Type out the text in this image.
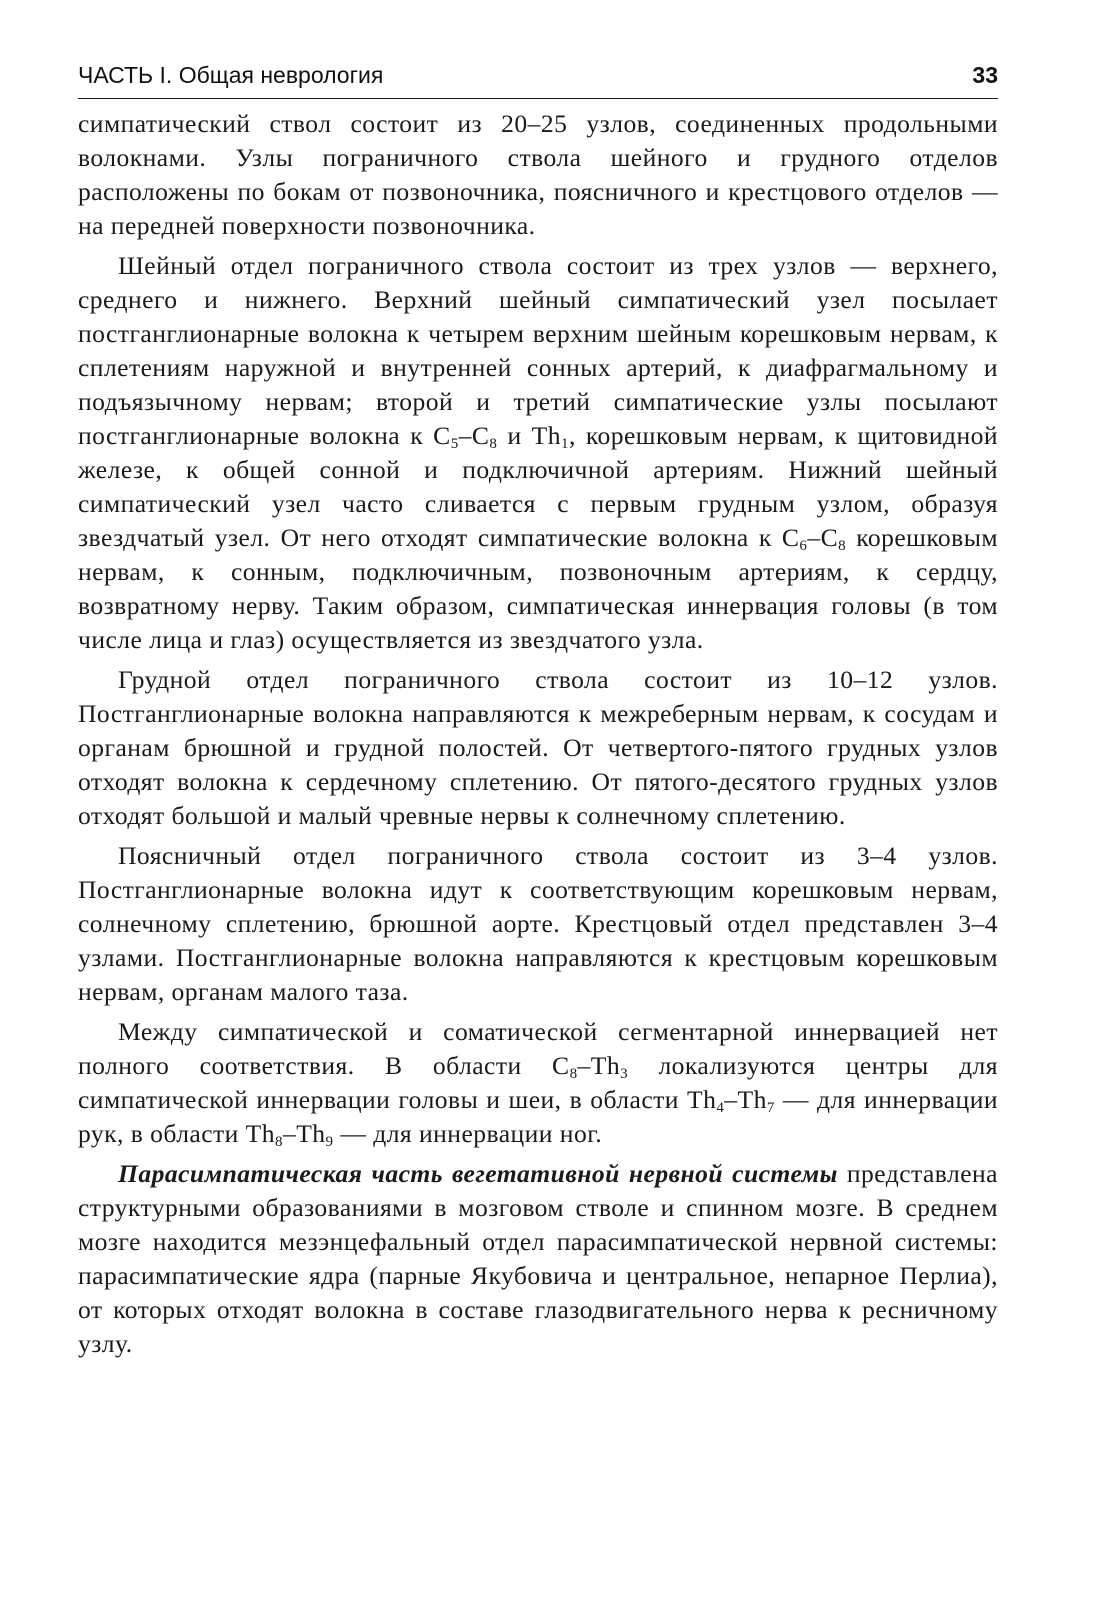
ЧАСТЬ I. Общая неврология	33

симпатический ствол состоит из 20–25 узлов, соединенных продольными волокнами. Узлы пограничного ствола шейного и грудного отделов расположены по бокам от позвоночника, поясничного и крестцового отделов — на передней поверхности позвоночника.

Шейный отдел пограничного ствола состоит из трех узлов — верхнего, среднего и нижнего. Верхний шейный симпатический узел посылает постганглионарные волокна к четырем верхним шейным корешковым нервам, к сплетениям наружной и внутренней сонных артерий, к диафрагмальному и подъязычному нервам; второй и третий симпатические узлы посылают постганглионарные волокна к $C_5-C_8$ и $Th_1$, корешковым нервам, к щитовидной железе, к общей сонной и подключичной артериям. Нижний шейный симпатический узел часто сливается с первым грудным узлом, образуя звездчатый узел. От него отходят симпатические волокна к $C_6-C_8$ корешковым нервам, к сонным, подключичным, позвоночным артериям, к сердцу, возвратному нерву. Таким образом, симпатическая иннервация головы (в том числе лица и глаз) осуществляется из звездчатого узла.

Грудной отдел пограничного ствола состоит из 10–12 узлов. Постганглионарные волокна направляются к межреберным нервам, к сосудам и органам брюшной и грудной полостей. От четвертого-пятого грудных узлов отходят волокна к сердечному сплетению. От пятого-десятого грудных узлов отходят большой и малый чревные нервы к солнечному сплетению.

Поясничный отдел пограничного ствола состоит из 3–4 узлов. Постганглионарные волокна идут к соответствующим корешковым нервам, солнечному сплетению, брюшной аорте. Крестцовый отдел представлен 3–4 узлами. Постганглионарные волокна направляются к крестцовым корешковым нервам, органам малого таза.

Между симпатической и соматической сегментарной иннервацией нет полного соответствия. В области $C_8-Th_3$ локализуются центры для симпатической иннервации головы и шеи, в области $Th_4-Th_7$ — для иннервации рук, в области $Th_8-Th_9$ — для иннервации ног.

Парасимпатическая часть вегетативной нервной системы представлена структурными образованиями в мозговом стволе и спинном мозге. В среднем мозге находится мезэнцефальный отдел парасимпатической нервной системы: парасимпатические ядра (парные Якубовича и центральное, непарное Перлиа), от которых отходят волокна в составе глазодвигательного нерва к ресничному узлу.
